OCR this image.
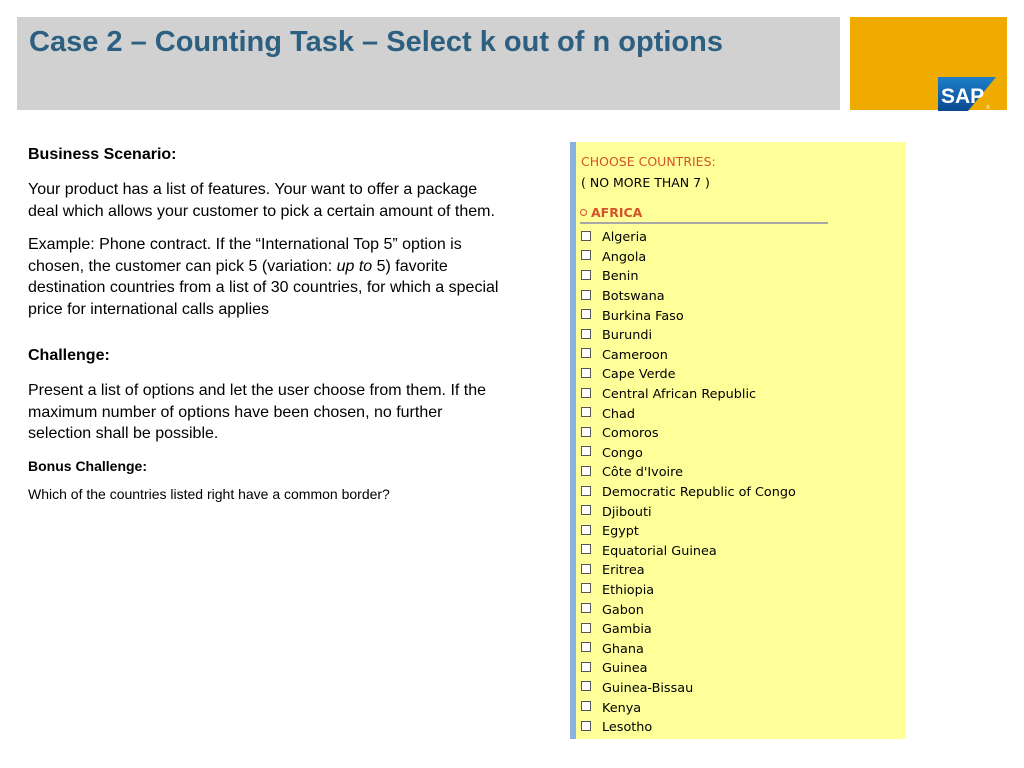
Case 2 – Counting Task – Select k out of n options
SAP ®

Business Scenario:

Your product has a list of features. Your want to offer a package deal which allows your customer to pick a certain amount of them.

Example: Phone contract. If the “International Top 5” option is chosen, the customer can pick 5 (variation: up to 5) favorite destination countries from a list of 30 countries, for which a special price for international calls applies

Challenge:

Present a list of options and let the user choose from them. If the maximum number of options have been chosen, no further selection shall be possible.

Bonus Challenge:

Which of the countries listed right have a common border?

CHOOSE COUNTRIES:
( NO MORE THAN 7 )
AFRICA
Algeria
Angola
Benin
Botswana
Burkina Faso
Burundi
Cameroon
Cape Verde
Central African Republic
Chad
Comoros
Congo
Côte d'Ivoire
Democratic Republic of Congo
Djibouti
Egypt
Equatorial Guinea
Eritrea
Ethiopia
Gabon
Gambia
Ghana
Guinea
Guinea-Bissau
Kenya
Lesotho
